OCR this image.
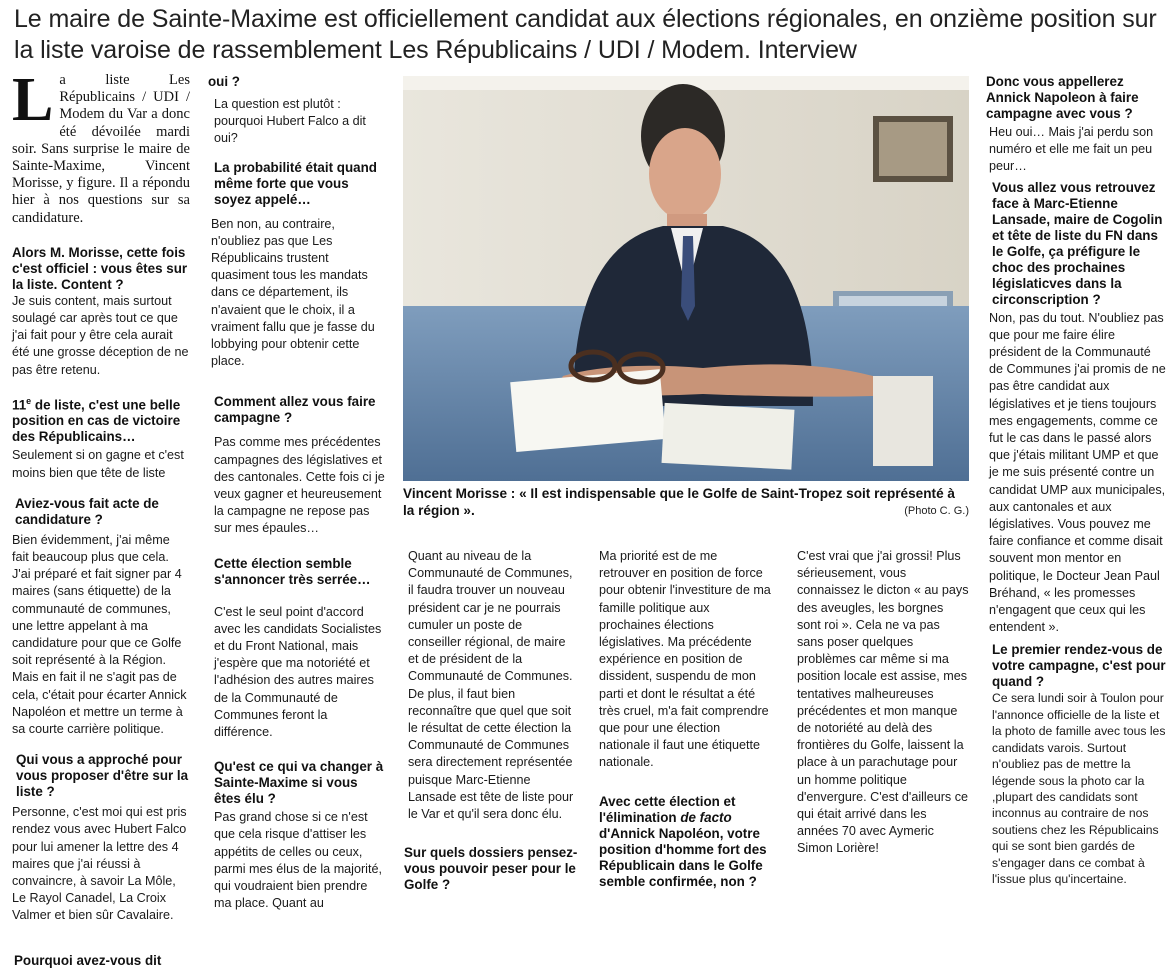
Le maire de Sainte-Maxime est officiellement candidat aux élections régionales, en onzième position sur la liste varoise de rassemblement Les Républicains / UDI / Modem. Interview
La liste Les Républicains / UDI / Modem du Var a donc été dévoilée mardi soir. Sans surprise le maire de Sainte-Maxime, Vincent Morisse, y figure. Il a répondu hier à nos questions sur sa candidature.

Alors M. Morisse, cette fois c'est officiel : vous êtes sur la liste. Content ?

Je suis content, mais surtout soulagé car après tout ce que j'ai fait pour y être cela aurait été une grosse déception de ne pas être retenu.

11e de liste, c'est une belle position en cas de victoire des Républicains…

Seulement si on gagne et c'est moins bien que tête de liste

Aviez-vous fait acte de candidature ?

Bien évidemment, j'ai même fait beaucoup plus que cela. J'ai préparé et fait signer par 4 maires (sans étiquette) de la communauté de communes, une lettre appelant à ma candidature pour que ce Golfe soit représenté à la Région. Mais en fait il ne s'agit pas de cela, c'était pour écarter Annick Napoléon et mettre un terme à sa courte carrière politique.

Qui vous a approché pour vous proposer d'être sur la liste ?

Personne, c'est moi qui est pris rendez vous avec Hubert Falco pour lui amener la lettre des 4 maires que j'ai réussi à convaincre, à savoir La Môle, Le Rayol Canadel, La Croix Valmer et bien sûr Cavalaire.

Pourquoi avez-vous dit

oui ?

La question est plutôt : pourquoi Hubert Falco a dit oui?

La probabilité était quand même forte que vous soyez appelé…

Ben non, au contraire, n'oubliez pas que Les Républicains trustent quasiment tous les mandats dans ce département, ils n'avaient que le choix, il a vraiment fallu que je fasse du lobbying pour obtenir cette place.

Comment allez vous faire campagne ?

Pas comme mes précédentes campagnes des législatives et des cantonales. Cette fois ci je veux gagner et heureusement la campagne ne repose pas sur mes épaules…

Cette élection semble s'annoncer très serrée…

C'est le seul point d'accord avec les candidats Socialistes et du Front National, mais j'espère que ma notoriété et l'adhésion des autres maires de la Communauté de Communes feront la différence.

Qu'est ce qui va changer à Sainte-Maxime si vous êtes élu ?

Pas grand chose si ce n'est que cela risque d'attiser les appétits de celles ou ceux, parmi mes élus de la majorité, qui voudraient bien prendre ma place. Quant au

Vincent Morisse : « Il est indispensable que le Golfe de Saint-Tropez soit représenté à la région ».	(Photo C. G.)

Quant au niveau de la Communauté de Communes, il faudra trouver un nouveau président car je ne pourrais cumuler un poste de conseiller régional, de maire et de président de la Communauté de Communes. De plus, il faut bien reconnaître que quel que soit le résultat de cette élection la Communauté de Communes sera directement représentée puisque Marc-Etienne Lansade est tête de liste pour le Var et qu'il sera donc élu.

Sur quels dossiers pensez-vous pouvoir peser pour le Golfe ?

Ma priorité est de me retrouver en position de force pour obtenir l'investiture de ma famille politique aux prochaines élections législatives. Ma précédente expérience en position de dissident, suspendu de mon parti et dont le résultat a été très cruel, m'a fait comprendre que pour une élection nationale il faut une étiquette nationale.

Avec cette élection et l'élimination de facto d'Annick Napoléon, votre position d'homme fort des Républicain dans le Golfe semble confirmée, non ?

C'est vrai que j'ai grossi! Plus sérieusement, vous connaissez le dicton « au pays des aveugles, les borgnes sont roi ». Cela ne va pas sans poser quelques problèmes car même si ma position locale est assise, mes tentatives malheureuses précédentes et mon manque de notoriété au delà des frontières du Golfe, laissent la place à un parachutage pour un homme politique d'envergure. C'est d'ailleurs ce qui était arrivé dans les années 70 avec Aymeric Simon Lorière!

Donc vous appellerez Annick Napoleon à faire campagne avec vous ?

Heu oui… Mais j'ai perdu son numéro et elle me fait un peu peur…

Vous allez vous retrouvez face à Marc-Etienne Lansade, maire de Cogolin et tête de liste du FN dans le Golfe, ça préfigure le choc des prochaines législaticves dans la circonscription ?

Non, pas du tout. N'oubliez pas que pour me faire élire président de la Communauté de Communes j'ai promis de ne pas être candidat aux législatives et je tiens toujours mes engagements, comme ce fut le cas dans le passé alors que j'étais militant UMP et que je me suis présenté contre un candidat UMP aux municipales, aux cantonales et aux législatives. Vous pouvez me faire confiance et comme disait souvent mon mentor en politique, le Docteur Jean Paul Bréhand, « les promesses n'engagent que ceux qui les entendent ».

Le premier rendez-vous de votre campagne, c'est pour quand ?

Ce sera lundi soir à Toulon pour l'annonce officielle de la liste et la photo de famille avec tous les candidats varois. Surtout n'oubliez pas de mettre la légende sous la photo car la ,plupart des candidats sont inconnus au contraire de nos soutiens chez les Républicains qui se sont bien gardés de s'engager dans ce combat à l'issue plus qu'incertaine.
